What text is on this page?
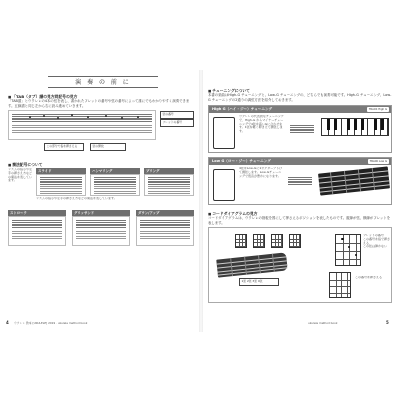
演 奏 の 前 に
■ 「TAB（タブ）譜の見方同記号の見方
「TAB譜」とウクレレの4本の弦を表し、書かれたフレットの番号や弦の番号によって誰にでもわかりやすく演奏できます。五線譜と同じ左から右に読み進めていきます。
弦の番号
フレットの番号
この部分で指を押さえる	弦の開放
■ 奏法記号について
リズムの指示や左手の押さえ方などの奏法を表しています。
スライド	ハンマリング	プリング
リズムの指示や左手の押さえ方などの奏法を表しています。
ストローク	グリッサンド	ダウン/アップ
4 ウクレレ 教本 [UKULELE] 2019 · ukulele method book
■ チューニングについて
本書の楽曲はHigh-G チューニングと、Low-G チューニングの、どちらでも演奏可能です。High-G チューニング、Low-G チューニングの2通りの調弦方法を紹介しておきます。
High G（ハイ・ジー）チューニング	TRACK High G
ウクレレの代表的なチューニングで、High-G からマイナーチューニングで4弦を高いGに合わせます。1弦を軽く押さえて調弦します。
Low G（ロー・ジー）チューニング	TRACK Low G
4弦をLow-Gに1オクターブ下げて調弦します。Low-Gチューニングで低音が豊かになります。
■ コードダイアグラムの見方
コードダイアグラムは、ウクレレの指板を図にして押さえるポジションを表したものです。縦線が弦、横線がフレットを表します。
フレットの番号
この番号を指で押さえる
この弦は弾かない
1弦 2弦 3弦 4弦
この番号を押さえる
ukulele method book	5
